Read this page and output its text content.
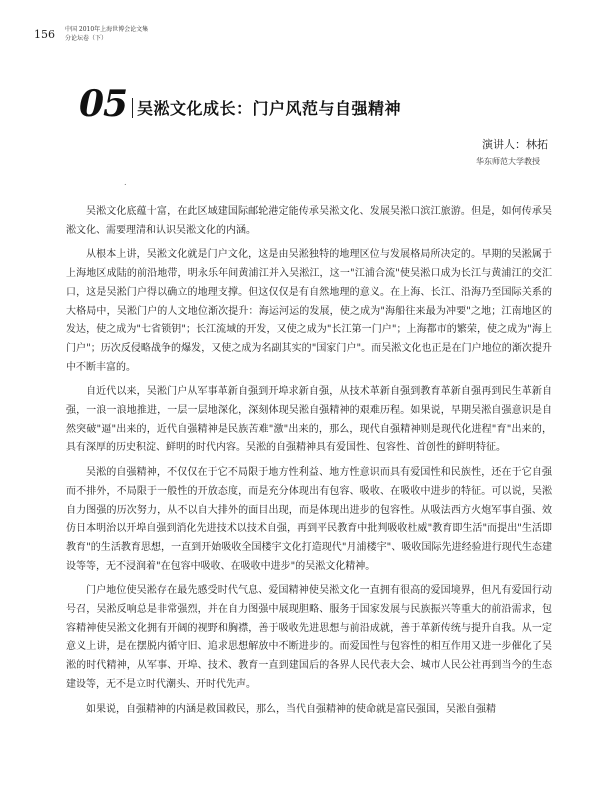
156 中国 2010年上海世博会论文集
分论坛卷（下）
05 吴淞文化成长：门户风范与自强精神
演讲人：林拓
华东师范大学教授
.

吴淞文化底蕴十富，在此区域建国际邮轮港定能传承吴淞文化、发展吴淞口滨江旅游。但是，如何传承吴淞文化、需要理清和认识吴淞文化的内涵。

从根本上讲，吴淞文化就是门户文化，这是由吴淞独特的地理区位与发展格局所决定的。早期的吴淞属于上海地区成陆的前沿地带，明永乐年间黄浦江并入吴淞江，这一"江浦合流"使吴淞口成为长江与黄浦江的交汇口，这是吴淞门户得以确立的地理支撑。但这仅仅是有自然地理的意义。在上海、长江、沿海乃至国际关系的大格局中，吴淞门户的人文地位渐次提升：海运河运的发展，使之成为"海船往来最为冲要"之地；江南地区的发达，使之成为"七省锁钥"；长江流域的开发，又使之成为"长江第一门户"；上海都市的繁荣，使之成为"海上门户"；历次反侵略战争的爆发，又使之成为名副其实的"国家门户"。而吴淞文化也正是在门户地位的渐次提升中不断丰富的。

自近代以来，吴淞门户从军事革新自强到开埠求新自强，从技术革新自强到教育革新自强再到民生革新自强，一浪一浪地推进，一层一层地深化，深刻体现吴淞自强精神的艰难历程。如果说，早期吴淞自强意识是自然突破"逼"出来的，近代自强精神是民族苦难"激"出来的，那么，现代自强精神则是现代化进程"育"出来的，具有深厚的历史积淀、鲜明的时代内容。吴淞的自强精神具有爱国性、包容性、首创性的鲜明特征。

吴淞的自强精神，不仅仅在于它不局限于地方性利益、地方性意识而具有爱国性和民族性，还在于它自强而不排外，不局限于一般性的开放态度，而是充分体现出有包容、吸收、在吸收中进步的特征。可以说，吴淞自力图强的历次努力，从不以自大排外的面目出现，而是体现出进步的包容性。从吸法西方火炮军事自强、效仿日本明治以开埠自强到消化先进技术以技术自强，再到平民教育中批判吸收杜威"教育即生活"而提出"生活即教育"的生活教育思想，一直到开始吸收全国楼宇文化打造现代"月浦楼宇"、吸收国际先进经验进行现代生态建设等等，无不浸润着"在包容中吸收、在吸收中进步"的吴淞文化精神。

门户地位使吴淞存在最先感受时代气息、爱国精神使吴淞文化一直拥有很高的爱国境界，但凡有爱国行动号召，吴淞反响总是非常强烈，并在自力图强中展现胆略、服务于国家发展与民族振兴等重大的前沿需求，包容精神使吴淞文化拥有开阔的视野和胸襟，善于吸收先进思想与前沿成就，善于革新传统与提升自我。从一定意义上讲，是在摆脱内循守旧、追求思想解放中不断进步的。而爱国性与包容性的相互作用又进一步催化了吴淞的时代精神，从军事、开埠、技术、教育一直到建国后的各界人民代表大会、城市人民公社再到当今的生态建设等，无不是立时代潮头、开时代先声。

如果说，自强精神的内涵是救国救民，那么，当代自强精神的使命就是富民强国，吴淞自强精
